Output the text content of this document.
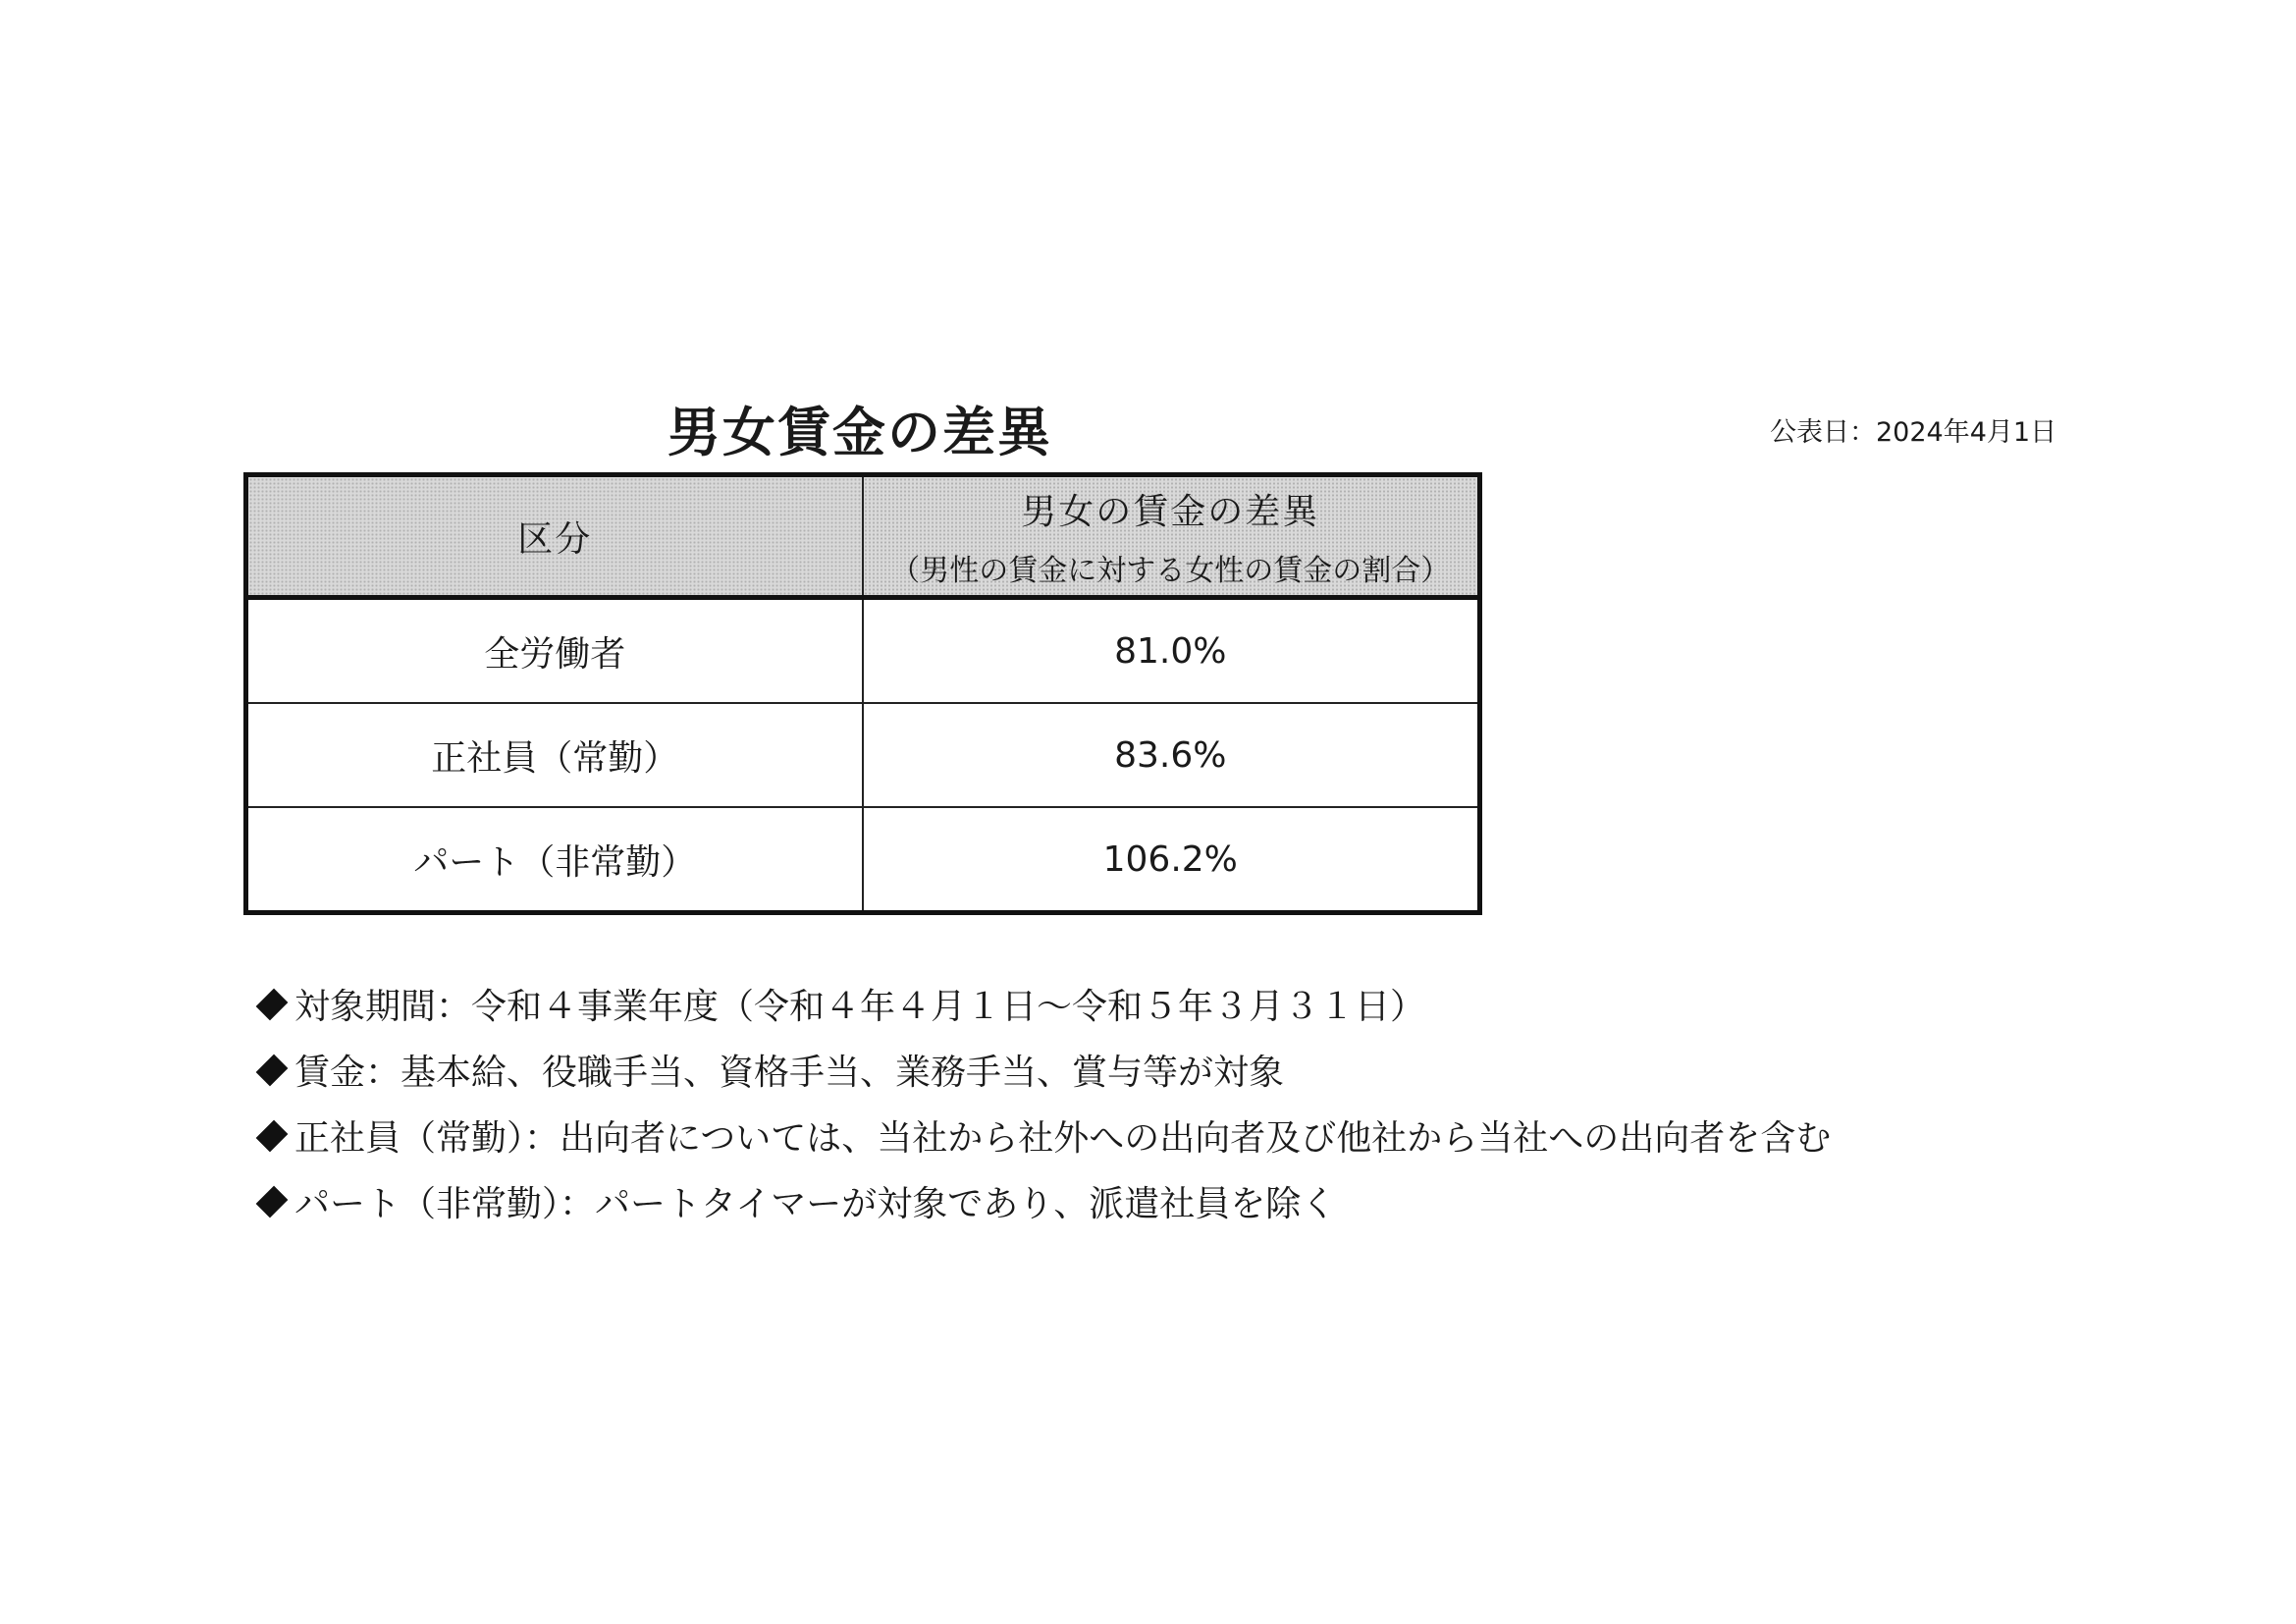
男女賃金の差異	公表日：2024年4月1日
区分	男女の賃金の差異
（男性の賃金に対する女性の賃金の割合）

全労働者	81.0%
正社員（常勤）	83.6%
パート（非常勤）	106.2%
対象期間：令和４事業年度（令和４年４月１日～令和５年３月３１日）
賃金：基本給、役職手当、資格手当、業務手当、賞与等が対象
正社員（常勤）：出向者については、当社から社外への出向者及び他社から当社への出向者を含む
パート（非常勤）：パートタイマーが対象であり、派遣社員を除く
